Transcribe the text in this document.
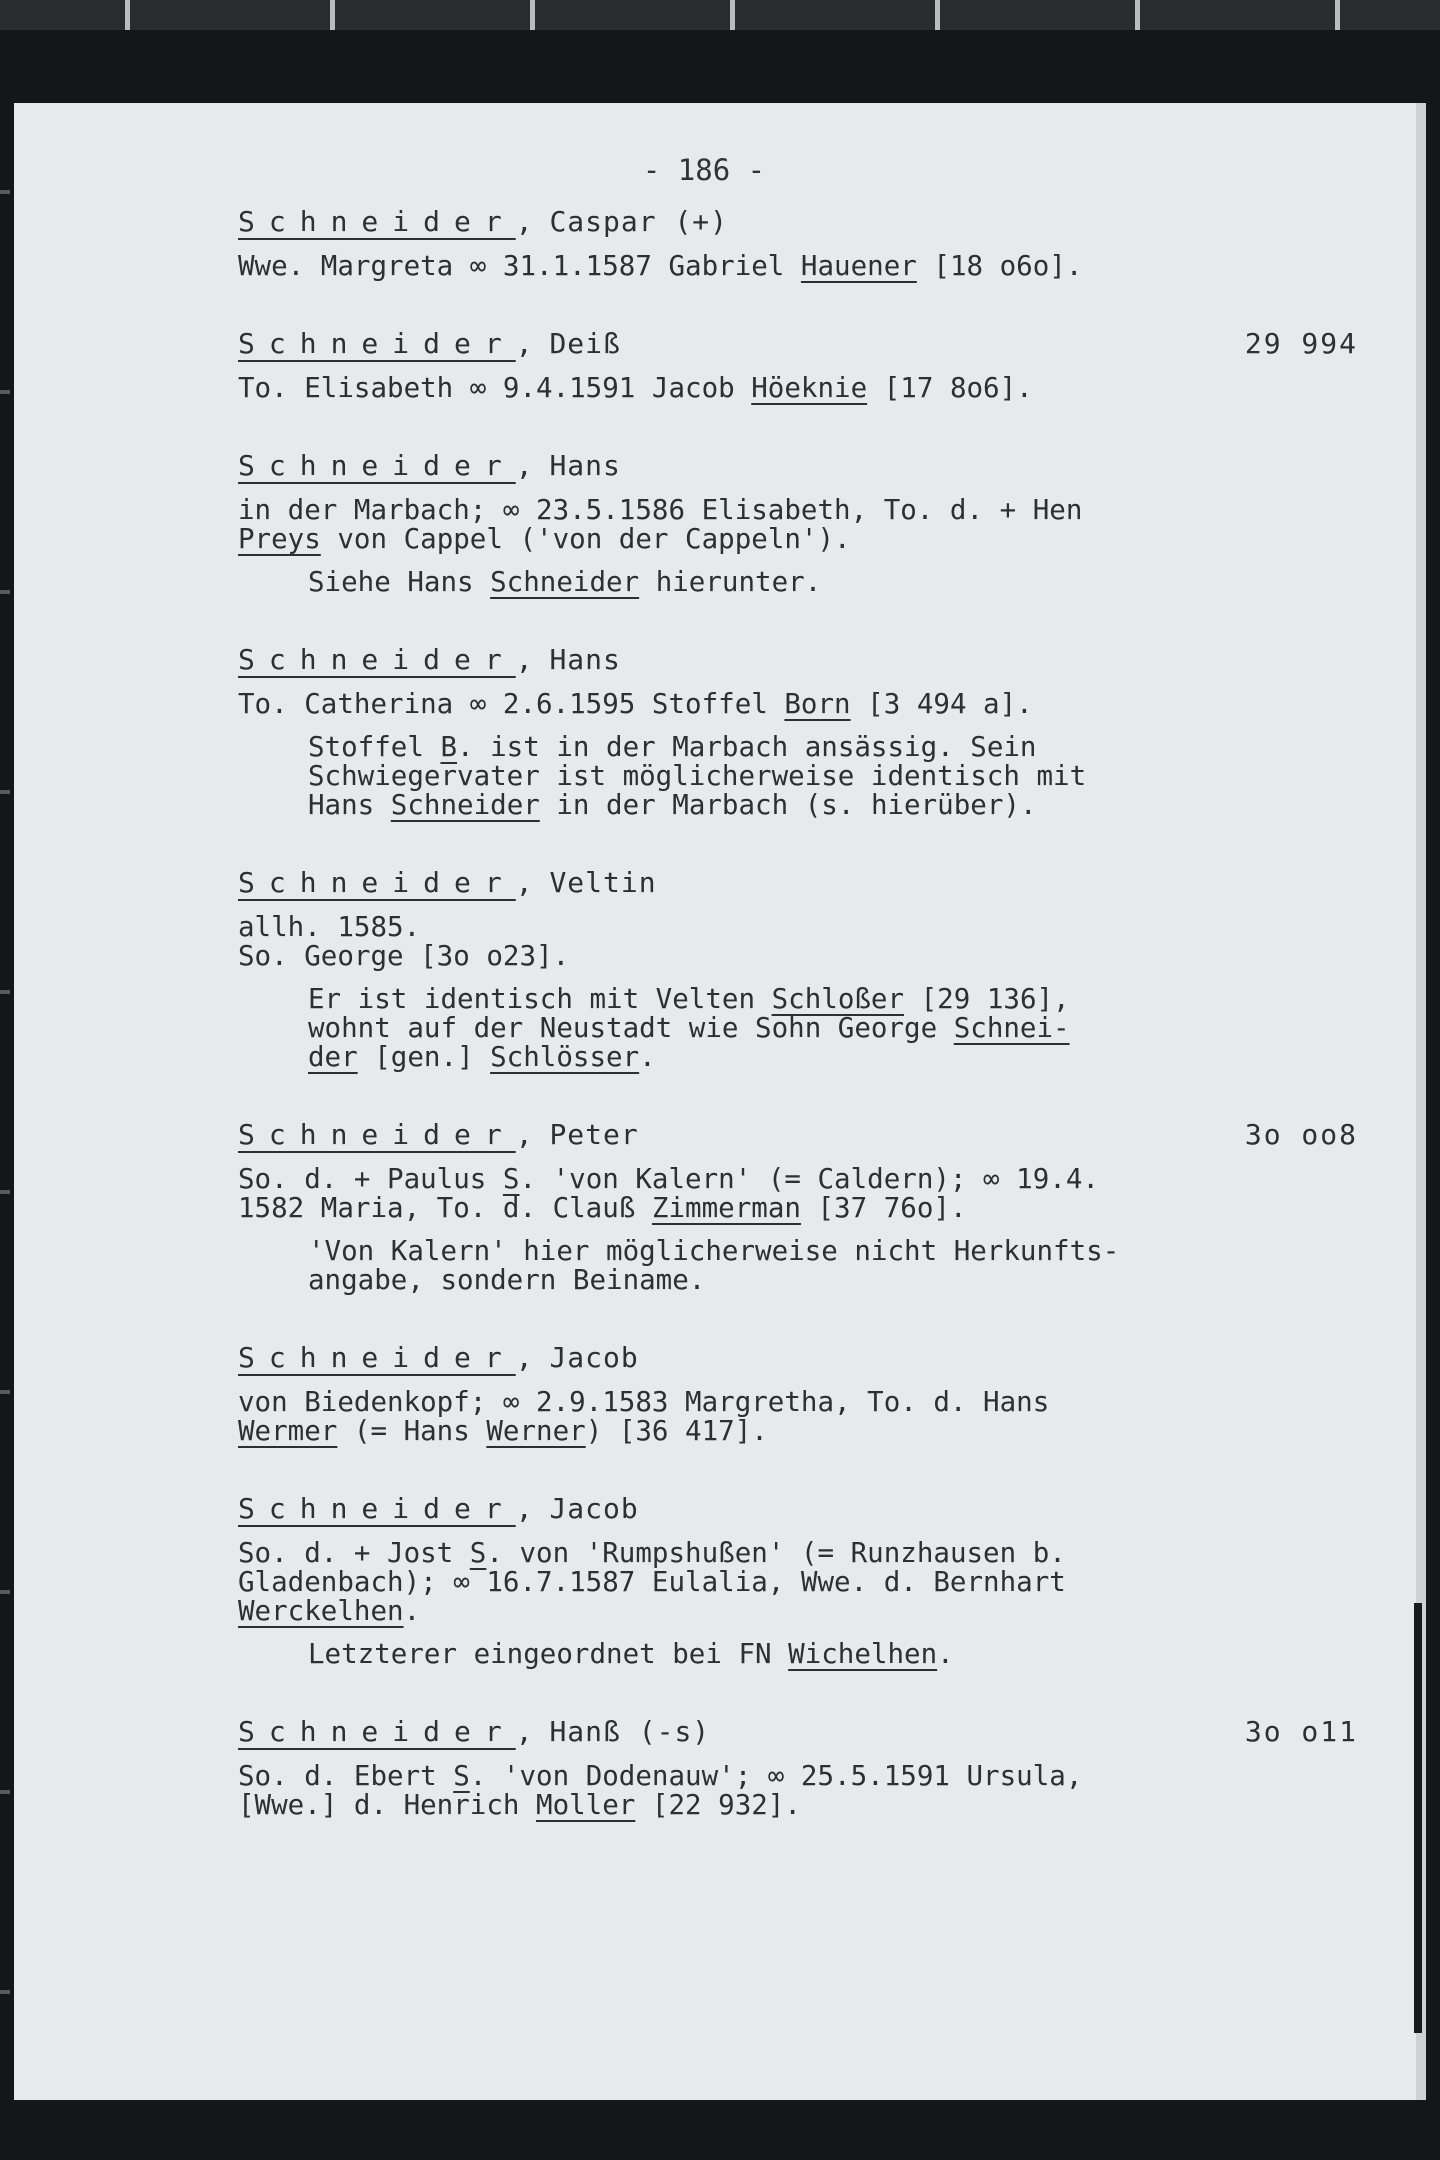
- 186 -
Schneider, Caspar (+)
Wwe. Margreta ∞ 31.1.1587 Gabriel Hauener [18 o6o].
Schneider, Deiß	29 994
To. Elisabeth ∞ 9.4.1591 Jacob Höeknie [17 8o6].
Schneider, Hans
in der Marbach; ∞ 23.5.1586 Elisabeth, To. d. + Hen
Preys von Cappel ('von der Cappeln').
Siehe Hans Schneider hierunter.
Schneider, Hans
To. Catherina ∞ 2.6.1595 Stoffel Born [3 494 a].
Stoffel B. ist in der Marbach ansässig. Sein
Schwiegervater ist möglicherweise identisch mit
Hans Schneider in der Marbach (s. hierüber).
Schneider, Veltin
allh. 1585.
So. George [3o o23].
Er ist identisch mit Velten Schloßer [29 136],
wohnt auf der Neustadt wie Sohn George Schnei-
der [gen.] Schlösser.
Schneider, Peter	3o oo8
So. d. + Paulus S. 'von Kalern' (= Caldern); ∞ 19.4.
1582 Maria, To. d. Clauß Zimmerman [37 76o].
'Von Kalern' hier möglicherweise nicht Herkunfts-
angabe, sondern Beiname.
Schneider, Jacob
von Biedenkopf; ∞ 2.9.1583 Margretha, To. d. Hans
Wermer (= Hans Werner) [36 417].
Schneider, Jacob
So. d. + Jost S. von 'Rumpshußen' (= Runzhausen b.
Gladenbach); ∞ 16.7.1587 Eulalia, Wwe. d. Bernhart
Werckelhen.
Letzterer eingeordnet bei FN Wichelhen.
Schneider, Hanß (-s)	3o o11
So. d. Ebert S. 'von Dodenauw'; ∞ 25.5.1591 Ursula,
[Wwe.] d. Henrich Moller [22 932].
